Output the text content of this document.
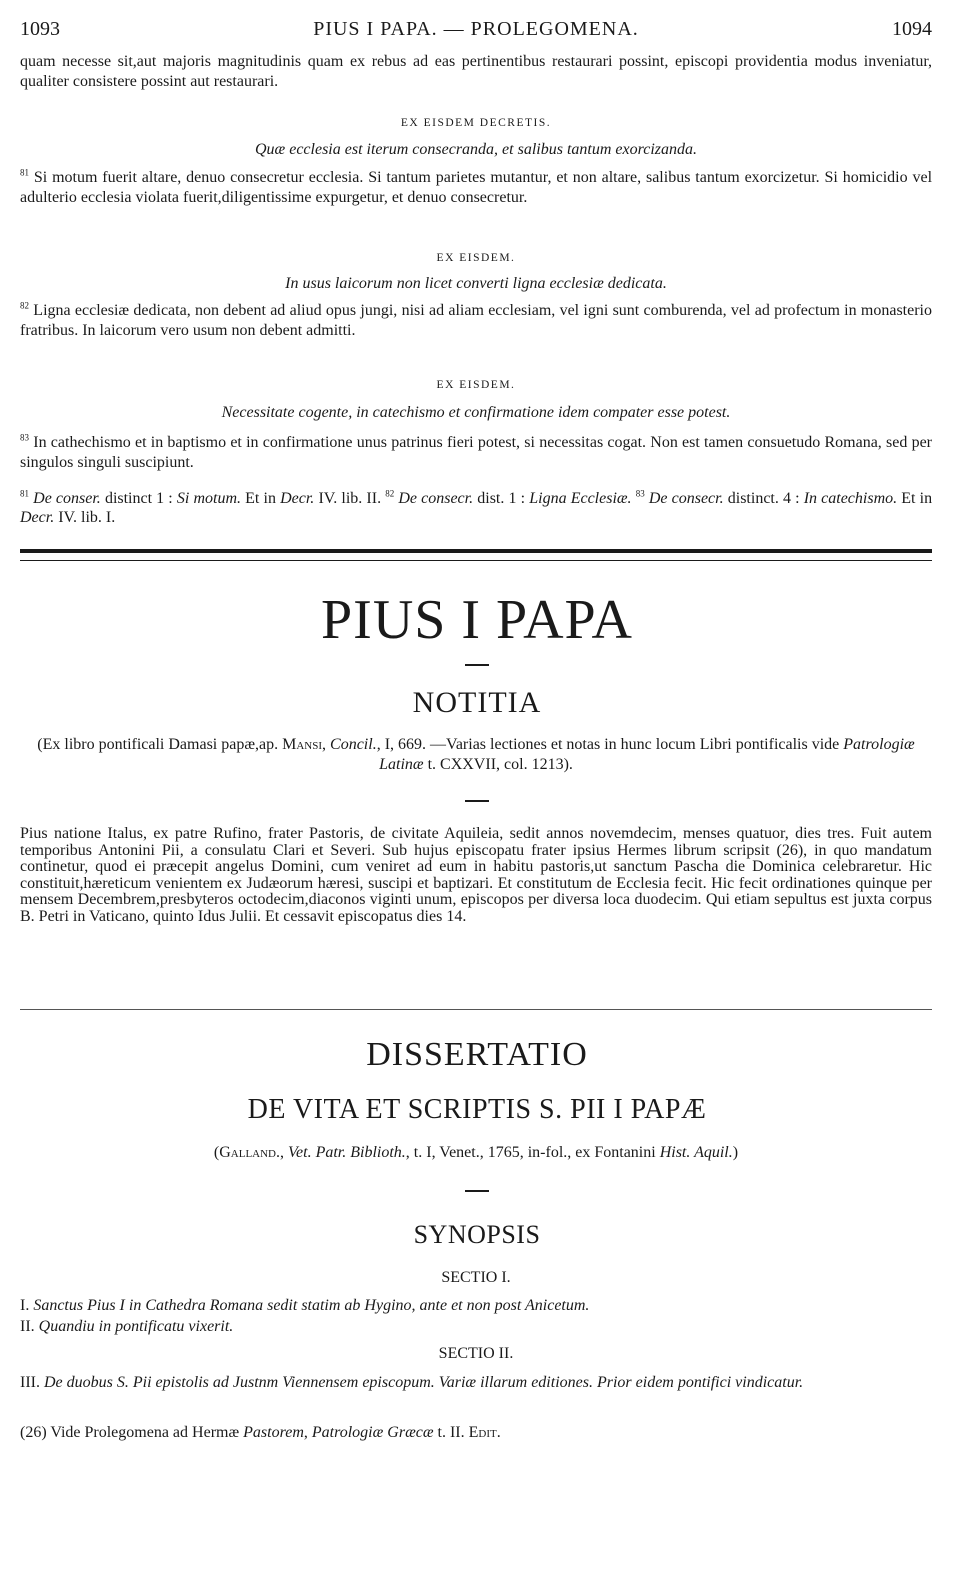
1093	PIUS I PAPA. — PROLEGOMENA.	1094

quam necesse sit,aut majoris magnitudinis quam ex rebus ad eas pertinentibus restaurari possint, episcopi providentia modus inveniatur, qualiter consistere possint aut restaurari.

EX EISDEM DECRETIS.

Quæ ecclesia est iterum consecranda, et salibus tantum exorcizanda.

$^{81}$ Si motum fuerit altare, denuo consecretur ecclesia. Si tantum parietes mutantur, et non altare, salibus tantum exorcizetur. Si homicidio vel adulterio ecclesia violata fuerit,diligentissime expurgetur, et denuo consecretur.

EX EISDEM.

In usus laicorum non licet converti ligna ecclesiæ dedicata.

$^{82}$ Ligna ecclesiæ dedicata, non debent ad aliud opus jungi, nisi ad aliam ecclesiam, vel igni sunt comburenda, vel ad profectum in monasterio fratribus. In laicorum vero usum non debent admitti.

EX EISDEM.

Necessitate cogente, in catechismo et confirmatione idem compater esse potest.

$^{83}$ In cathechismo et in baptismo et in confirmatione unus patrinus fieri potest, si necessitas cogat. Non est tamen consuetudo Romana, sed per singulos singuli suscipiunt.

$^{81}$ De conser. distinct 1 : Si motum. Et in Decr. IV. lib. II. $^{82}$ De consecr. dist. 1 : Ligna Ecclesiæ. $^{83}$ De consecr. distinct. 4 : In catechismo. Et in Decr. IV. lib. I.

PIUS I PAPA
NOTITIA

(Ex libro pontificali Damasi papæ,ap. Mansi, Concil., I, 669. —Varias lectiones et notas in hunc locum Libri pontificalis vide Patrologiæ Latinæ t. CXXVII, col. 1213).

Pius natione Italus, ex patre Rufino, frater Pastoris, de civitate Aquileia, sedit annos novemdecim, menses quatuor, dies tres. Fuit autem temporibus Antonini Pii, a consulatu Clari et Severi. Sub hujus episcopatu frater ipsius Hermes librum scripsit (26), in quo mandatum continetur, quod ei præcepit angelus Domini, cum veniret ad eum in habitu pastoris,ut sanctum Pascha die Dominica celebraretur. Hic constituit,hæreticum venientem ex Judæorum hæresi, suscipi et baptizari. Et constitutum de Ecclesia fecit. Hic fecit ordinationes quinque per mensem Decembrem,presbyteros octodecim,diaconos viginti unum, episcopos per diversa loca duodecim. Qui etiam sepultus est juxta corpus B. Petri in Vaticano, quinto Idus Julii. Et cessavit episcopatus dies 14.

DISSERTATIO
DE VITA ET SCRIPTIS S. PII I PAPÆ

(Galland., Vet. Patr. Biblioth., t. I, Venet., 1765, in-fol., ex Fontanini Hist. Aquil.)

SYNOPSIS

SECTIO I.

I. Sanctus Pius I in Cathedra Romana sedit statim ab Hygino, ante et non post Anicetum.

II. Quandiu in pontificatu vixerit.

SECTIO II.

III. De duobus S. Pii epistolis ad Justnm Viennensem episcopum. Variæ illarum editiones. Prior eidem pontifici vindicatur.

(26) Vide Prolegomena ad Hermæ Pastorem, Patrologiæ Græcæ t. II. Edit.
